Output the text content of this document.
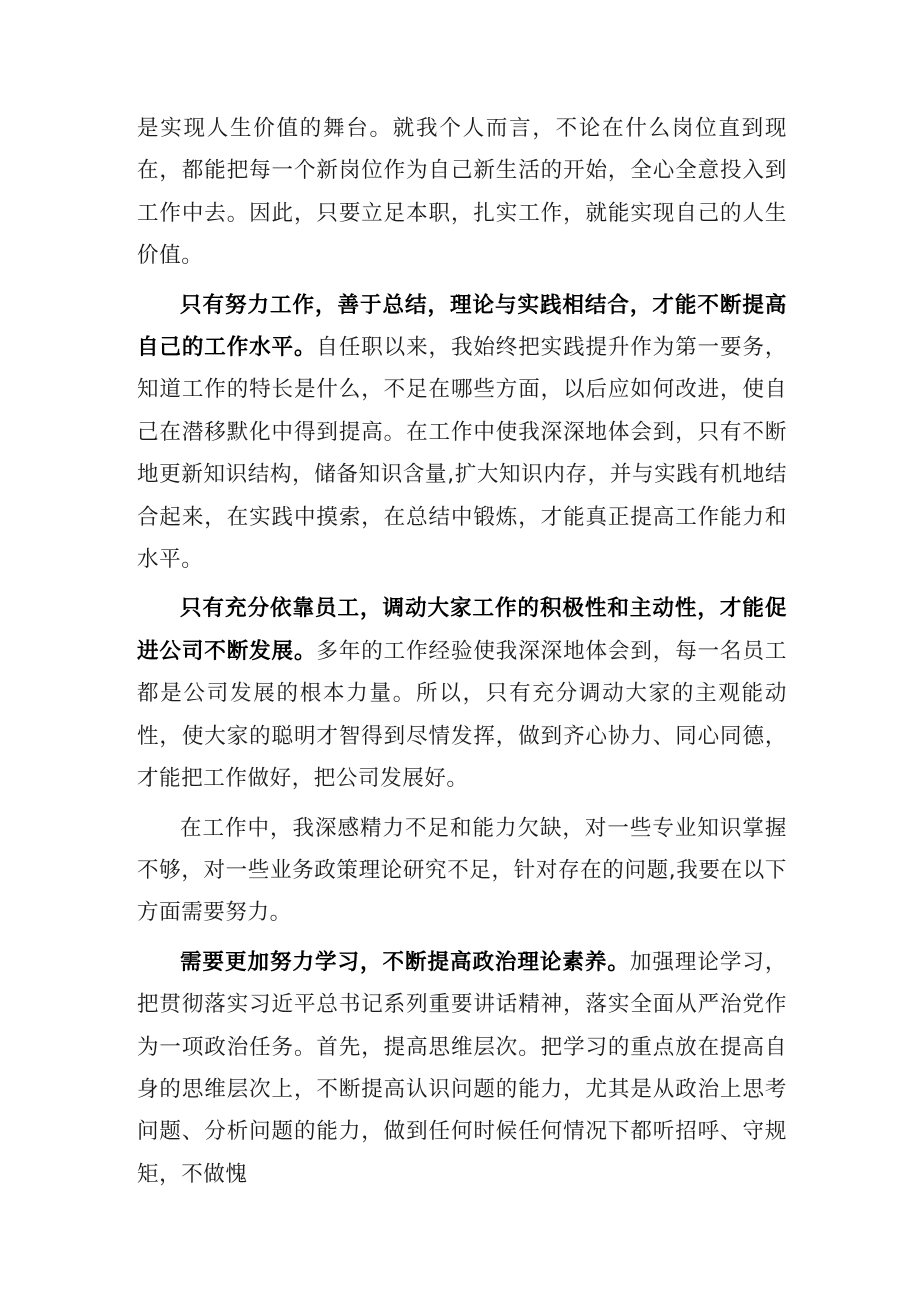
是实现人生价值的舞台。就我个人而言，不论在什么岗位直到现在，都能把每一个新岗位作为自己新生活的开始，全心全意投入到工作中去。因此，只要立足本职，扎实工作，就能实现自己的人生价值。

只有努力工作，善于总结，理论与实践相结合，才能不断提高自己的工作水平。自任职以来，我始终把实践提升作为第一要务，知道工作的特长是什么，不足在哪些方面，以后应如何改进，使自己在潜移默化中得到提高。在工作中使我深深地体会到，只有不断地更新知识结构，储备知识含量,扩大知识内存，并与实践有机地结合起来，在实践中摸索，在总结中锻炼，才能真正提高工作能力和水平。

只有充分依靠员工，调动大家工作的积极性和主动性，才能促进公司不断发展。多年的工作经验使我深深地体会到，每一名员工都是公司发展的根本力量。所以，只有充分调动大家的主观能动性，使大家的聪明才智得到尽情发挥，做到齐心协力、同心同德，才能把工作做好，把公司发展好。

在工作中，我深感精力不足和能力欠缺，对一些专业知识掌握不够，对一些业务政策理论研究不足，针对存在的问题,我要在以下方面需要努力。

需要更加努力学习，不断提高政治理论素养。加强理论学习，把贯彻落实习近平总书记系列重要讲话精神，落实全面从严治党作为一项政治任务。首先，提高思维层次。把学习的重点放在提高自身的思维层次上，不断提高认识问题的能力，尤其是从政治上思考问题、分析问题的能力，做到任何时候任何情况下都听招呼、守规矩，不做愧
